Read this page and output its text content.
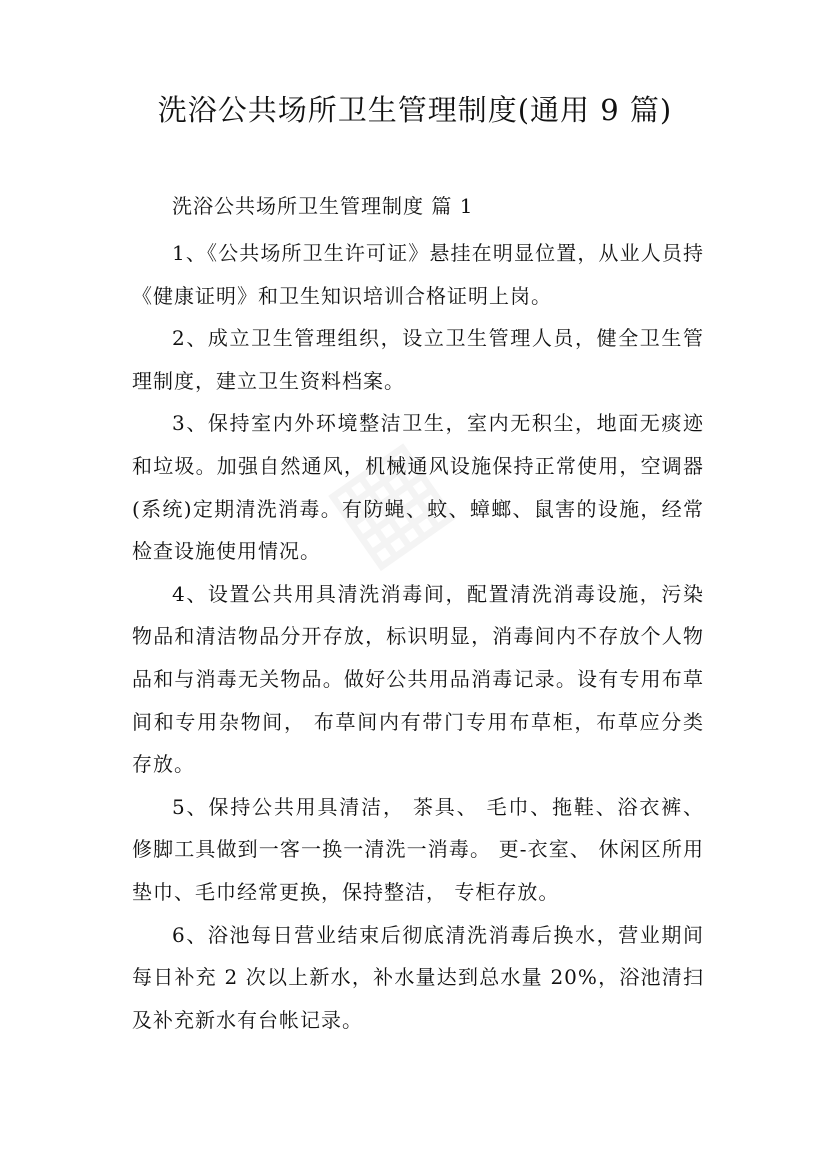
洗浴公共场所卫生管理制度(通用 9 篇)
洗浴公共场所卫生管理制度 篇 1

1、《公共场所卫生许可证》悬挂在明显位置，从业人员持《健康证明》和卫生知识培训合格证明上岗。

2、成立卫生管理组织，设立卫生管理人员，健全卫生管理制度，建立卫生资料档案。

3、保持室内外环境整洁卫生，室内无积尘，地面无痰迹和垃圾。加强自然通风，机械通风设施保持正常使用，空调器(系统)定期清洗消毒。有防蝇、蚊、蟑螂、鼠害的设施，经常检查设施使用情况。

4、设置公共用具清洗消毒间，配置清洗消毒设施，污染物品和清洁物品分开存放，标识明显，消毒间内不存放个人物品和与消毒无关物品。做好公共用品消毒记录。设有专用布草间和专用杂物间， 布草间内有带门专用布草柜，布草应分类存放。

5、保持公共用具清洁， 茶具、 毛巾、拖鞋、浴衣裤、修脚工具做到一客一换一清洗一消毒。 更-衣室、 休闲区所用垫巾、毛巾经常更换，保持整洁， 专柜存放。

6、浴池每日营业结束后彻底清洗消毒后换水，营业期间每日补充 2 次以上新水，补水量达到总水量 20%，浴池清扫及补充新水有台帐记录。
